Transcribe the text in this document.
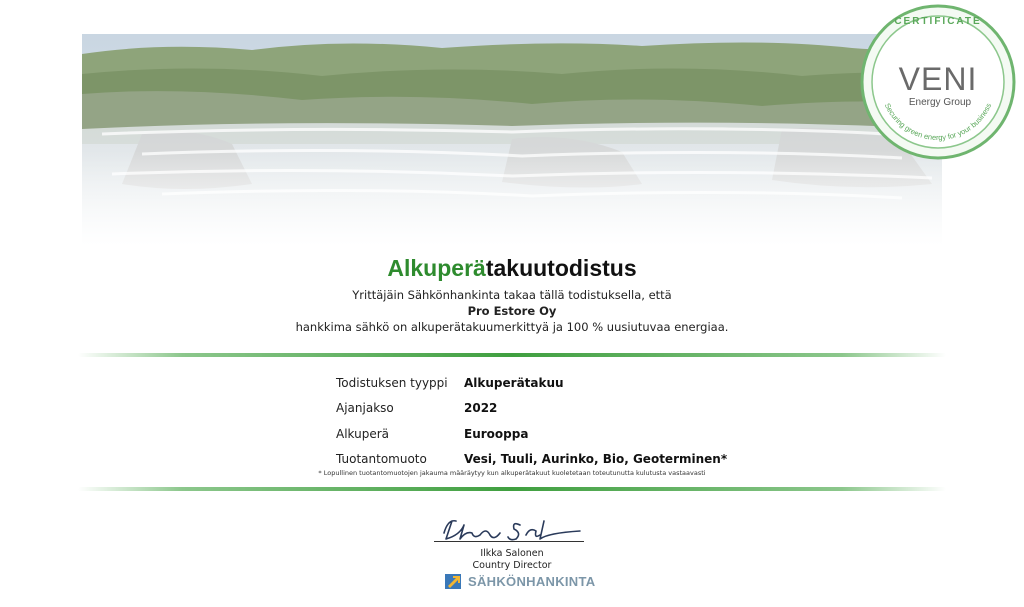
CERTIFICATE
VENI
Energy Group
Securing green energy for your business
Alkuperätakuutodistus
Yrittäjäin Sähkönhankinta takaa tällä todistuksella, että
Pro Estore Oy
hankkima sähkö on alkuperätakuumerkittyä ja 100 % uusiutuvaa energiaa.
Todistuksen tyyppi	Alkuperätakuu
Ajanjakso	2022
Alkuperä	Eurooppa
Tuotantomuoto	Vesi, Tuuli, Aurinko, Bio, Geoterminen*
* Lopullinen tuotantomuotojen jakauma määräytyy kun alkuperätakuut kuoletetaan toteutunutta kulutusta vastaavasti
Ilkka Salonen
Country Director
SÄHKÖNHANKINTA
